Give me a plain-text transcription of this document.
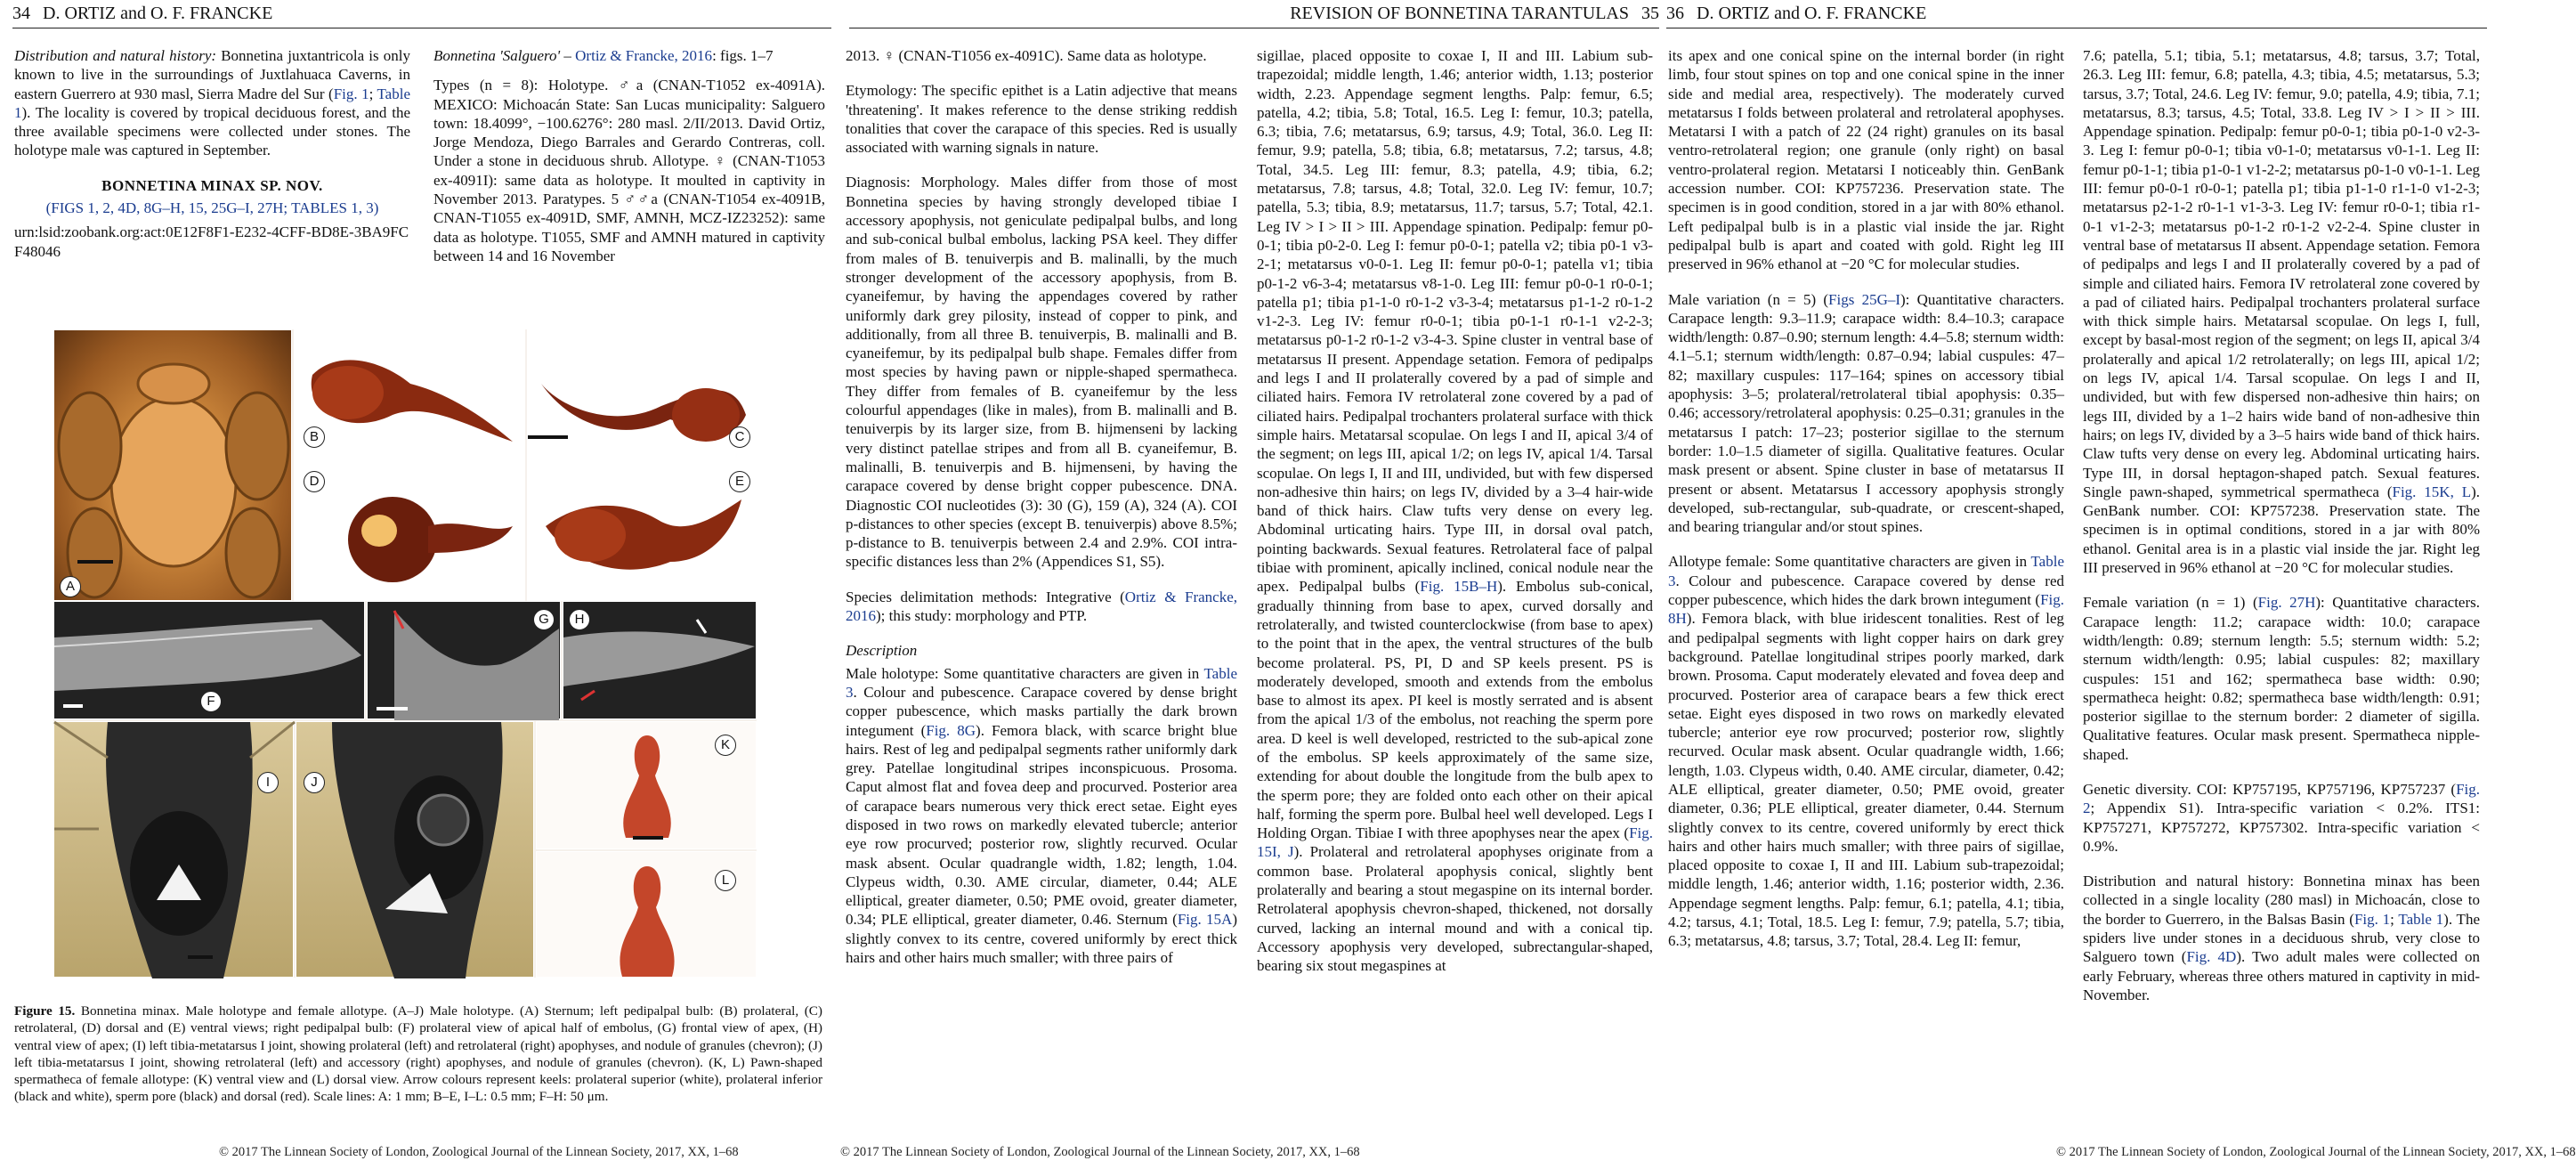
34 D. ORTIZ and O. F. FRANCKE

Distribution and natural history: Bonnetina juxtantricola is only known to live in the surroundings of Juxtlahuaca Caverns, in eastern Guerrero at 930 masl, Sierra Madre del Sur (Fig. 1; Table 1). The locality is covered by tropical deciduous forest, and the three available specimens were collected under stones. The holotype male was captured in September.

BONNETINA MINAX SP. NOV.

(FIGS 1, 2, 4D, 8G–H, 15, 25G–I, 27H; TABLES 1, 3)

urn:lsid:zoobank.org:act:0E12F8F1-E232-4CFF-BD8E-3BA9FCF48046

Bonnetina 'Salguero' – Ortiz & Francke, 2016: figs. 1–7

Types (n = 8): Holotype. ♂a (CNAN-T1052 ex-4091A). MEXICO: Michoacán State: San Lucas municipality: Salguero town: 18.4099°, −100.6276°: 280 masl. 2/II/2013. David Ortiz, Jorge Mendoza, Diego Barrales and Gerardo Contreras, coll. Under a stone in deciduous shrub. Allotype. ♀ (CNAN-T1053 ex-4091I): same data as holotype. It moulted in captivity in November 2013. Paratypes. 5 ♂♂a (CNAN-T1054 ex-4091B, CNAN-T1055 ex-4091D, SMF, AMNH, MCZ-IZ23252): same data as holotype. T1055, SMF and AMNH matured in captivity between 14 and 16 November

A
B	C
D	E
F
G	H
I	J
K
L
Figure 15. Bonnetina minax. Male holotype and female allotype. (A–J) Male holotype. (A) Sternum; left pedipalpal bulb: (B) prolateral, (C) retrolateral, (D) dorsal and (E) ventral views; right pedipalpal bulb: (F) prolateral view of apical half of embolus, (G) frontal view of apex, (H) ventral view of apex; (I) left tibia-metatarsus I joint, showing prolateral (left) and retrolateral (right) apophyses, and nodule of granules (chevron); (J) left tibia-metatarsus I joint, showing retrolateral (left) and accessory (right) apophyses, and nodule of granules (chevron). (K, L) Pawn-shaped spermatheca of female allotype: (K) ventral view and (L) dorsal view. Arrow colours represent keels: prolateral superior (white), prolateral inferior (black and white), sperm pore (black) and dorsal (red). Scale lines: A: 1 mm; B–E, I–L: 0.5 mm; F–H: 50 μm.
© 2017 The Linnean Society of London, Zoological Journal of the Linnean Society, 2017, XX, 1–68
REVISION OF BONNETINA TARANTULAS 35

2013. ♀ (CNAN-T1056 ex-4091C). Same data as holotype.

Etymology: The specific epithet is a Latin adjective that means 'threatening'. It makes reference to the dense striking reddish tonalities that cover the carapace of this species. Red is usually associated with warning signals in nature.

Diagnosis: Morphology. Males differ from those of most Bonnetina species by having strongly developed tibiae I accessory apophysis, not geniculate pedipalpal bulbs, and long and sub-conical bulbal embolus, lacking PSA keel. They differ from males of B. tenuiverpis and B. malinalli, by the much stronger development of the accessory apophysis, from B. cyaneifemur, by having the appendages covered by rather uniformly dark grey pilosity, instead of copper to pink, and additionally, from all three B. tenuiverpis, B. malinalli and B. cyaneifemur, by its pedipalpal bulb shape. Females differ from most species by having pawn or nipple-shaped spermatheca. They differ from females of B. cyaneifemur by the less colourful appendages (like in males), from B. malinalli and B. tenuiverpis by its larger size, from B. hijmenseni by lacking very distinct patellae stripes and from all B. cyaneifemur, B. malinalli, B. tenuiverpis and B. hijmenseni, by having the carapace covered by dense bright copper pubescence. DNA. Diagnostic COI nucleotides (3): 30 (G), 159 (A), 324 (A). COI p-distances to other species (except B. tenuiverpis) above 8.5%; p-distance to B. tenuiverpis between 2.4 and 2.9%. COI intra-specific distances less than 2% (Appendices S1, S5).

Species delimitation methods: Integrative (Ortiz & Francke, 2016); this study: morphology and PTP.

Description

Male holotype: Some quantitative characters are given in Table 3. Colour and pubescence. Carapace covered by dense bright copper pubescence, which masks partially the dark brown integument (Fig. 8G). Femora black, with scarce bright blue hairs. Rest of leg and pedipalpal segments rather uniformly dark grey. Patellae longitudinal stripes inconspicuous. Prosoma. Caput almost flat and fovea deep and procurved. Posterior area of carapace bears numerous very thick erect setae. Eight eyes disposed in two rows on markedly elevated tubercle; anterior eye row procurved; posterior row, slightly recurved. Ocular mask absent. Ocular quadrangle width, 1.82; length, 1.04. Clypeus width, 0.30. AME circular, diameter, 0.44; ALE elliptical, greater diameter, 0.50; PME ovoid, greater diameter, 0.34; PLE elliptical, greater diameter, 0.46. Sternum (Fig. 15A) slightly convex to its centre, covered uniformly by erect thick hairs and other hairs much smaller; with three pairs of

sigillae, placed opposite to coxae I, II and III. Labium sub-trapezoidal; middle length, 1.46; anterior width, 1.13; posterior width, 2.23. Appendage segment lengths. Palp: femur, 6.5; patella, 4.2; tibia, 5.8; Total, 16.5. Leg I: femur, 10.3; patella, 6.3; tibia, 7.6; metatarsus, 6.9; tarsus, 4.9; Total, 36.0. Leg II: femur, 9.9; patella, 5.8; tibia, 6.8; metatarsus, 7.2; tarsus, 4.8; Total, 34.5. Leg III: femur, 8.3; patella, 4.9; tibia, 6.2; metatarsus, 7.8; tarsus, 4.8; Total, 32.0. Leg IV: femur, 10.7; patella, 5.3; tibia, 8.9; metatarsus, 11.7; tarsus, 5.7; Total, 42.1. Leg IV > I > II > III. Appendage spination. Pedipalp: femur p0-0-1; tibia p0-2-0. Leg I: femur p0-0-1; patella v2; tibia p0-1 v3-2-1; metatarsus v0-0-1. Leg II: femur p0-0-1; patella v1; tibia p0-1-2 v6-3-4; metatarsus v8-1-0. Leg III: femur p0-0-1 r0-0-1; patella p1; tibia p1-1-0 r0-1-2 v3-3-4; metatarsus p1-1-2 r0-1-2 v1-2-3. Leg IV: femur r0-0-1; tibia p0-1-1 r0-1-1 v2-2-3; metatarsus p0-1-2 r0-1-2 v3-4-3. Spine cluster in ventral base of metatarsus II present. Appendage setation. Femora of pedipalps and legs I and II prolaterally covered by a pad of simple and ciliated hairs. Femora IV retrolateral zone covered by a pad of ciliated hairs. Pedipalpal trochanters prolateral surface with thick simple hairs. Metatarsal scopulae. On legs I and II, apical 3/4 of the segment; on legs III, apical 1/2; on legs IV, apical 1/4. Tarsal scopulae. On legs I, II and III, undivided, but with few dispersed non-adhesive thin hairs; on legs IV, divided by a 3–4 hair-wide band of thick hairs. Claw tufts very dense on every leg. Abdominal urticating hairs. Type III, in dorsal oval patch, pointing backwards. Sexual features. Retrolateral face of palpal tibiae with prominent, apically inclined, conical nodule near the apex. Pedipalpal bulbs (Fig. 15B–H). Embolus sub-conical, gradually thinning from base to apex, curved dorsally and retrolaterally, and twisted counterclockwise (from base to apex) to the point that in the apex, the ventral structures of the bulb become prolateral. PS, PI, D and SP keels present. PS is moderately developed, smooth and extends from the embolus base to almost its apex. PI keel is mostly serrated and is absent from the apical 1/3 of the embolus, not reaching the sperm pore area. D keel is well developed, restricted to the sub-apical zone of the embolus. SP keels approximately of the same size, extending for about double the longitude from the bulb apex to the sperm pore; they are folded onto each other on their apical half, forming the sperm pore. Bulbal heel well developed. Legs I Holding Organ. Tibiae I with three apophyses near the apex (Fig. 15I, J). Prolateral and retrolateral apophyses originate from a common base. Prolateral apophysis conical, slightly bent prolaterally and bearing a stout megaspine on its internal border. Retrolateral apophysis chevron-shaped, thickened, not dorsally curved, lacking an internal mound and with a conical tip. Accessory apophysis very developed, subrectangular-shaped, bearing six stout megaspines at

© 2017 The Linnean Society of London, Zoological Journal of the Linnean Society, 2017, XX, 1–68
36 D. ORTIZ and O. F. FRANCKE

its apex and one conical spine on the internal border (in right limb, four stout spines on top and one conical spine in the inner side and medial area, respectively). The moderately curved metatarsus I folds between prolateral and retrolateral apophyses. Metatarsi I with a patch of 22 (24 right) granules on its basal ventro-retrolateral region; one granule (only right) on basal ventro-prolateral region. Metatarsi I noticeably thin. GenBank accession number. COI: KP757236. Preservation state. The specimen is in good condition, stored in a jar with 80% ethanol. Left pedipalpal bulb is in a plastic vial inside the jar. Right pedipalpal bulb is apart and coated with gold. Right leg III preserved in 96% ethanol at −20 °C for molecular studies.

Male variation (n = 5) (Figs 25G–I): Quantitative characters. Carapace length: 9.3–11.9; carapace width: 8.4–10.3; carapace width/length: 0.87–0.90; sternum length: 4.4–5.8; sternum width: 4.1–5.1; sternum width/length: 0.87–0.94; labial cuspules: 47–82; maxillary cuspules: 117–164; spines on accessory tibial apophysis: 3–5; prolateral/retrolateral tibial apophysis: 0.35–0.46; accessory/retrolateral apophysis: 0.25–0.31; granules in the metatarsus I patch: 17–23; posterior sigillae to the sternum border: 1.0–1.5 diameter of sigilla. Qualitative features. Ocular mask present or absent. Spine cluster in base of metatarsus II present or absent. Metatarsus I accessory apophysis strongly developed, sub-rectangular, sub-quadrate, or crescent-shaped, and bearing triangular and/or stout spines.

Allotype female: Some quantitative characters are given in Table 3. Colour and pubescence. Carapace covered by dense red copper pubescence, which hides the dark brown integument (Fig. 8H). Femora black, with blue iridescent tonalities. Rest of leg and pedipalpal segments with light copper hairs on dark grey background. Patellae longitudinal stripes poorly marked, dark brown. Prosoma. Caput moderately elevated and fovea deep and procurved. Posterior area of carapace bears a few thick erect setae. Eight eyes disposed in two rows on markedly elevated tubercle; anterior eye row procurved; posterior row, slightly recurved. Ocular mask absent. Ocular quadrangle width, 1.66; length, 1.03. Clypeus width, 0.40. AME circular, diameter, 0.42; ALE elliptical, greater diameter, 0.50; PME ovoid, greater diameter, 0.36; PLE elliptical, greater diameter, 0.44. Sternum slightly convex to its centre, covered uniformly by erect thick hairs and other hairs much smaller; with three pairs of sigillae, placed opposite to coxae I, II and III. Labium sub-trapezoidal; middle length, 1.46; anterior width, 1.16; posterior width, 2.36. Appendage segment lengths. Palp: femur, 6.1; patella, 4.1; tibia, 4.2; tarsus, 4.1; Total, 18.5. Leg I: femur, 7.9; patella, 5.7; tibia, 6.3; metatarsus, 4.8; tarsus, 3.7; Total, 28.4. Leg II: femur,

7.6; patella, 5.1; tibia, 5.1; metatarsus, 4.8; tarsus, 3.7; Total, 26.3. Leg III: femur, 6.8; patella, 4.3; tibia, 4.5; metatarsus, 5.3; tarsus, 3.7; Total, 24.6. Leg IV: femur, 9.0; patella, 4.9; tibia, 7.1; metatarsus, 8.3; tarsus, 4.5; Total, 33.8. Leg IV > I > II > III. Appendage spination. Pedipalp: femur p0-0-1; tibia p0-1-0 v2-3-3. Leg I: femur p0-0-1; tibia v0-1-0; metatarsus v0-1-1. Leg II: femur p0-1-1; tibia p1-0-1 v1-2-2; metatarsus p0-1-0 v0-1-1. Leg III: femur p0-0-1 r0-0-1; patella p1; tibia p1-1-0 r1-1-0 v1-2-3; metatarsus p2-1-2 r0-1-1 v1-3-3. Leg IV: femur r0-0-1; tibia r1-0-1 v1-2-3; metatarsus p0-1-2 r0-1-2 v2-2-4. Spine cluster in ventral base of metatarsus II absent. Appendage setation. Femora of pedipalps and legs I and II prolaterally covered by a pad of simple and ciliated hairs. Femora IV retrolateral zone covered by a pad of ciliated hairs. Pedipalpal trochanters prolateral surface with thick simple hairs. Metatarsal scopulae. On legs I, full, except by basal-most region of the segment; on legs II, apical 3/4 prolaterally and apical 1/2 retrolaterally; on legs III, apical 1/2; on legs IV, apical 1/4. Tarsal scopulae. On legs I and II, undivided, but with few dispersed non-adhesive thin hairs; on legs III, divided by a 1–2 hairs wide band of non-adhesive thin hairs; on legs IV, divided by a 3–5 hairs wide band of thick hairs. Claw tufts very dense on every leg. Abdominal urticating hairs. Type III, in dorsal heptagon-shaped patch. Sexual features. Single pawn-shaped, symmetrical spermatheca (Fig. 15K, L). GenBank number. COI: KP757238. Preservation state. The specimen is in optimal conditions, stored in a jar with 80% ethanol. Genital area is in a plastic vial inside the jar. Right leg III preserved in 96% ethanol at −20 °C for molecular studies.

Female variation (n = 1) (Fig. 27H): Quantitative characters. Carapace length: 11.2; carapace width: 10.0; carapace width/length: 0.89; sternum length: 5.5; sternum width: 5.2; sternum width/length: 0.95; labial cuspules: 82; maxillary cuspules: 151 and 162; spermatheca base width: 0.90; spermatheca height: 0.82; spermatheca base width/length: 0.91; posterior sigillae to the sternum border: 2 diameter of sigilla. Qualitative features. Ocular mask present. Spermatheca nipple-shaped.

Genetic diversity. COI: KP757195, KP757196, KP757237 (Fig. 2; Appendix S1). Intra-specific variation < 0.2%. ITS1: KP757271, KP757272, KP757302. Intra-specific variation < 0.9%.

Distribution and natural history: Bonnetina minax has been collected in a single locality (280 masl) in Michoacán, close to the border to Guerrero, in the Balsas Basin (Fig. 1; Table 1). The spiders live under stones in a deciduous shrub, very close to Salguero town (Fig. 4D). Two adult males were collected on early February, whereas three others matured in captivity in mid-November.

© 2017 The Linnean Society of London, Zoological Journal of the Linnean Society, 2017, XX, 1–68
